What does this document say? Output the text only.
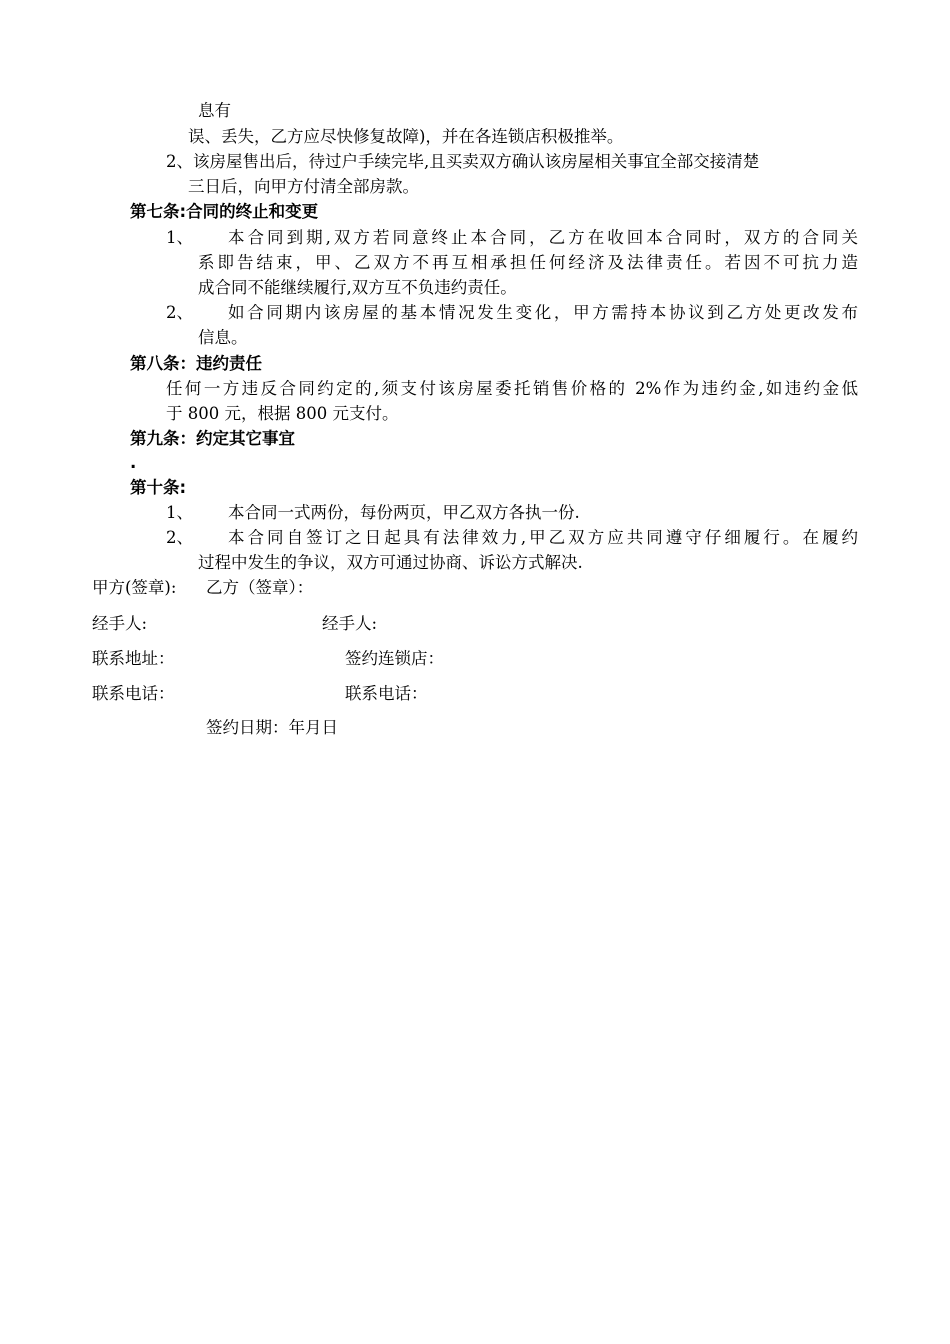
息有
误、丢失，乙方应尽快修复故障)，并在各连锁店积极推举。
2、该房屋售出后，待过户手续完毕,且买卖双方确认该房屋相关事宜全部交接清楚
三日后，向甲方付清全部房款。
第七条:合同的终止和变更
1、 本合同到期,双方若同意终止本合同，乙方在收回本合同时，双方的合同关
系即告结束，甲、乙双方不再互相承担任何经济及法律责任。若因不可抗力造
成合同不能继续履行,双方互不负违约责任。
2、 如合同期内该房屋的基本情况发生变化，甲方需持本协议到乙方处更改发布
信息。
第八条：违约责任
任何一方违反合同约定的,须支付该房屋委托销售价格的 2%作为违约金,如违约金低
于 800 元，根据 800 元支付。
第九条：约定其它事宜
.
第十条:
1、 本合同一式两份，每份两页，甲乙双方各执一份.
2、 本合同自签订之日起具有法律效力,甲乙双方应共同遵守仔细履行。在履约
过程中发生的争议，双方可通过协商、诉讼方式解决.
甲方(签章): 乙方（签章）：
经手人:	经手人:
联系地址：	签约连锁店：
联系电话：	联系电话：
签约日期：年月日
